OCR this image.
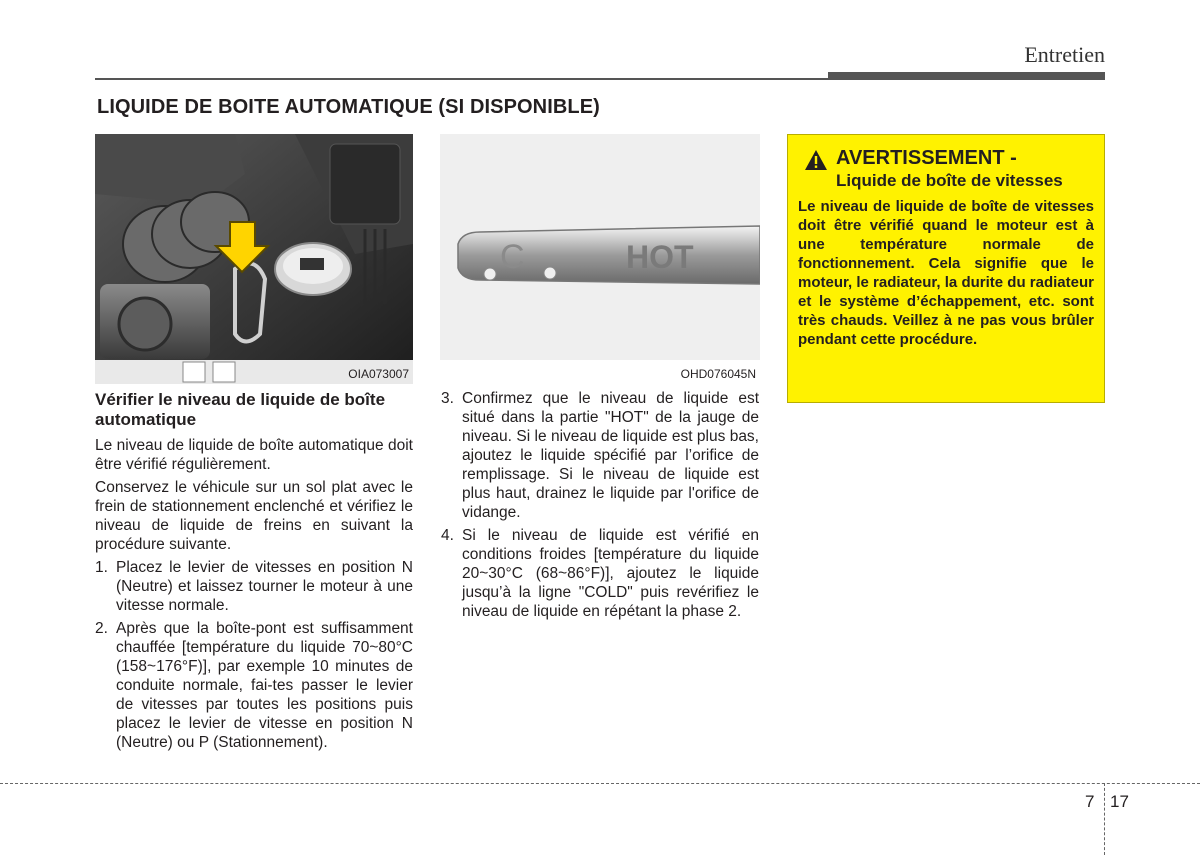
Entretien
LIQUIDE DE BOITE AUTOMATIQUE (SI DISPONIBLE)
OIA073007
C	HOT
OHD076045N
Vérifier le niveau de liquide de boîte automatique

Le niveau de liquide de boîte automatique doit être vérifié régulièrement.

Conservez le véhicule sur un sol plat avec le frein de stationnement enclenché et vérifiez le niveau de liquide de freins en suivant la procédure suivante.

1. Placez le levier de vitesses en position N (Neutre) et laissez tourner le moteur à une vitesse normale.
2. Après que la boîte-pont est suffisamment chauffée [température du liquide 70~80°C (158~176°F)], par exemple 10 minutes de conduite normale, fai-tes passer le levier de vitesses par toutes les positions puis placez le levier de vitesse en position N (Neutre) ou P (Stationnement).
3. Confirmez que le niveau de liquide est situé dans la partie "HOT" de la jauge de niveau. Si le niveau de liquide est plus bas, ajoutez le liquide spécifié par l’orifice de remplissage. Si le niveau de liquide est plus haut, drainez le liquide par l'orifice de vidange.
4. Si le niveau de liquide est vérifié en conditions froides [température du liquide 20~30°C (68~86°F)], ajoutez le liquide jusqu’à la ligne "COLD" puis revérifiez le niveau de liquide en répétant la phase 2.
AVERTISSEMENT -
Liquide de boîte de vitesses
Le niveau de liquide de boîte de vitesses doit être vérifié quand le moteur est à une température normale de fonctionnement. Cela signifie que le moteur, le radiateur, la durite du radiateur et le système d’échappement, etc. sont très chauds. Veillez à ne pas vous brûler pendant cette procédure.
7 17
